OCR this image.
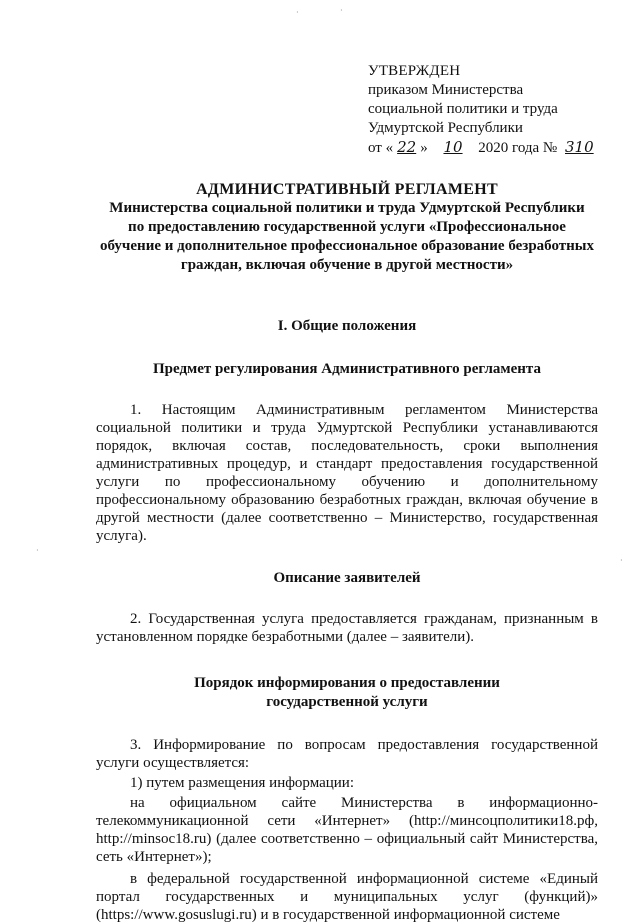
·	·
·
·
УТВЕРЖДЕН
приказом Министерства
социальной политики и труда
Удмуртской Республики
от « 22 » 10 2020 года № 310
АДМИНИСТРАТИВНЫЙ РЕГЛАМЕНТ
Министерства социальной политики и труда Удмуртской Республики
по предоставлению государственной услуги «Профессиональное
обучение и дополнительное профессиональное образование безработных
граждан, включая обучение в другой местности»
I. Общие положения
Предмет регулирования Административного регламента

1. Настоящим Административным регламентом Министерства социальной политики и труда Удмуртской Республики устанавливаются порядок, включая состав, последовательность, сроки выполнения административных процедур, и стандарт предоставления государственной услуги по профессиональному обучению и дополнительному профессиональному образованию безработных граждан, включая обучение в другой местности (далее соответственно – Министерство, государственная услуга).

Описание заявителей

2. Государственная услуга предоставляется гражданам, признанным в установленном порядке безработными (далее – заявители).

Порядок информирования о предоставлении
государственной услуги

3. Информирование по вопросам предоставления государственной услуги осуществляется:

1) путем размещения информации:

на официальном сайте Министерства в информационно-телекоммуникационной сети «Интернет» (http://минсоцполитики18.рф, http://minsoc18.ru) (далее соответственно – официальный сайт Министерства, сеть «Интернет»);

в федеральной государственной информационной системе «Единый портал государственных и муниципальных услуг (функций)» (https://www.gosuslugi.ru) и в государственной информационной системе
